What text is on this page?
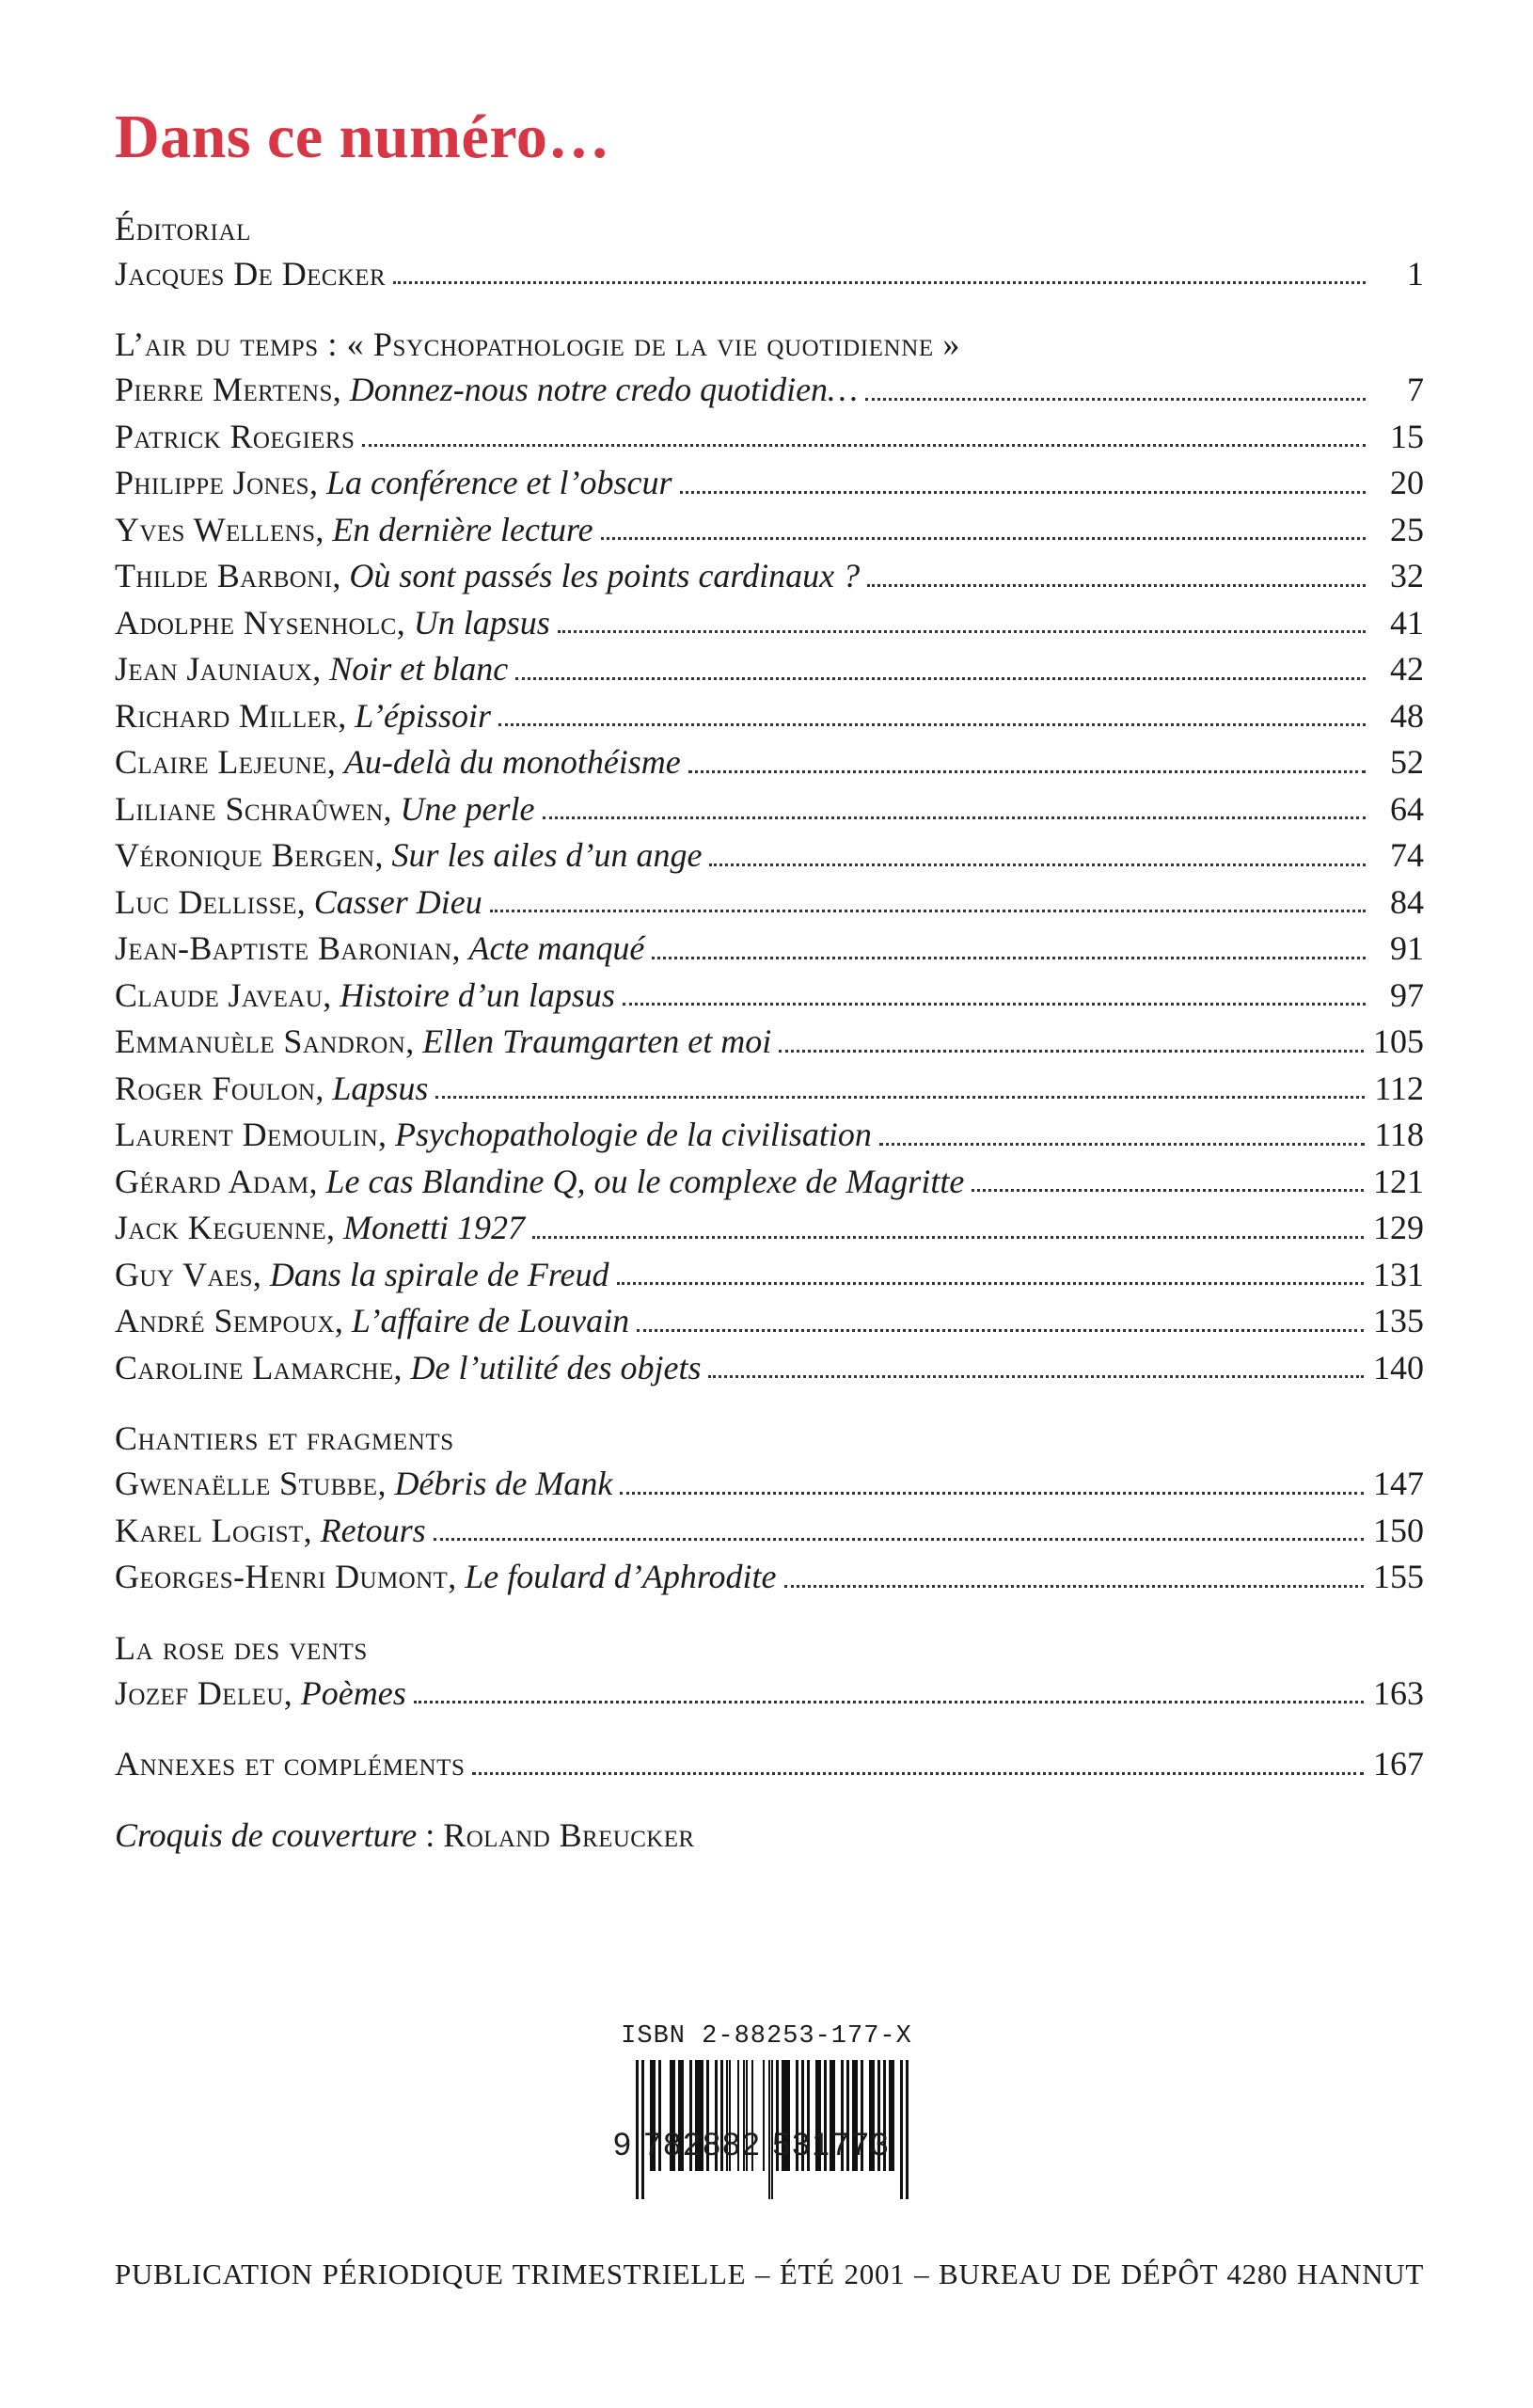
Dans ce numéro…
Éditorial
Jacques De Decker	1
L’air du temps : « Psychopathologie de la vie quotidienne »
Pierre Mertens , Donnez-nous notre credo quotidien…	7
Patrick Roegiers	15
Philippe Jones , La conférence et l’obscur	20
Yves Wellens , En dernière lecture	25
Thilde Barboni , Où sont passés les points cardinaux ?	32
Adolphe Nysenholc , Un lapsus	41
Jean Jauniaux , Noir et blanc	42
Richard Miller , L’épissoir	48
Claire Lejeune , Au-delà du monothéisme	52
Liliane Schraûwen , Une perle	64
Véronique Bergen , Sur les ailes d’un ange	74
Luc Dellisse , Casser Dieu	84
Jean-Baptiste Baronian , Acte manqué	91
Claude Javeau , Histoire d’un lapsus	97
Emmanuèle Sandron , Ellen Traumgarten et moi	105
Roger Foulon , Lapsus	112
Laurent Demoulin , Psychopathologie de la civilisation	118
Gérard Adam , Le cas Blandine Q, ou le complexe de Magritte	121
Jack Keguenne , Monetti 1927	129
Guy Vaes , Dans la spirale de Freud	131
André Sempoux , L’affaire de Louvain	135
Caroline Lamarche , De l’utilité des objets	140
Chantiers et fragments
Gwenaëlle Stubbe , Débris de Mank	147
Karel Logist , Retours	150
Georges-Henri Dumont , Le foulard d’Aphrodite	155
La rose des vents
Jozef Deleu , Poèmes	163
Annexes et compléments	167
Croquis de couverture : Roland Breucker
ISBN 2-88253-177-X
9 782882 531773
PUBLICATION PÉRIODIQUE TRIMESTRIELLE – ÉTÉ 2001 – BUREAU DE DÉPÔT 4280 HANNUT
